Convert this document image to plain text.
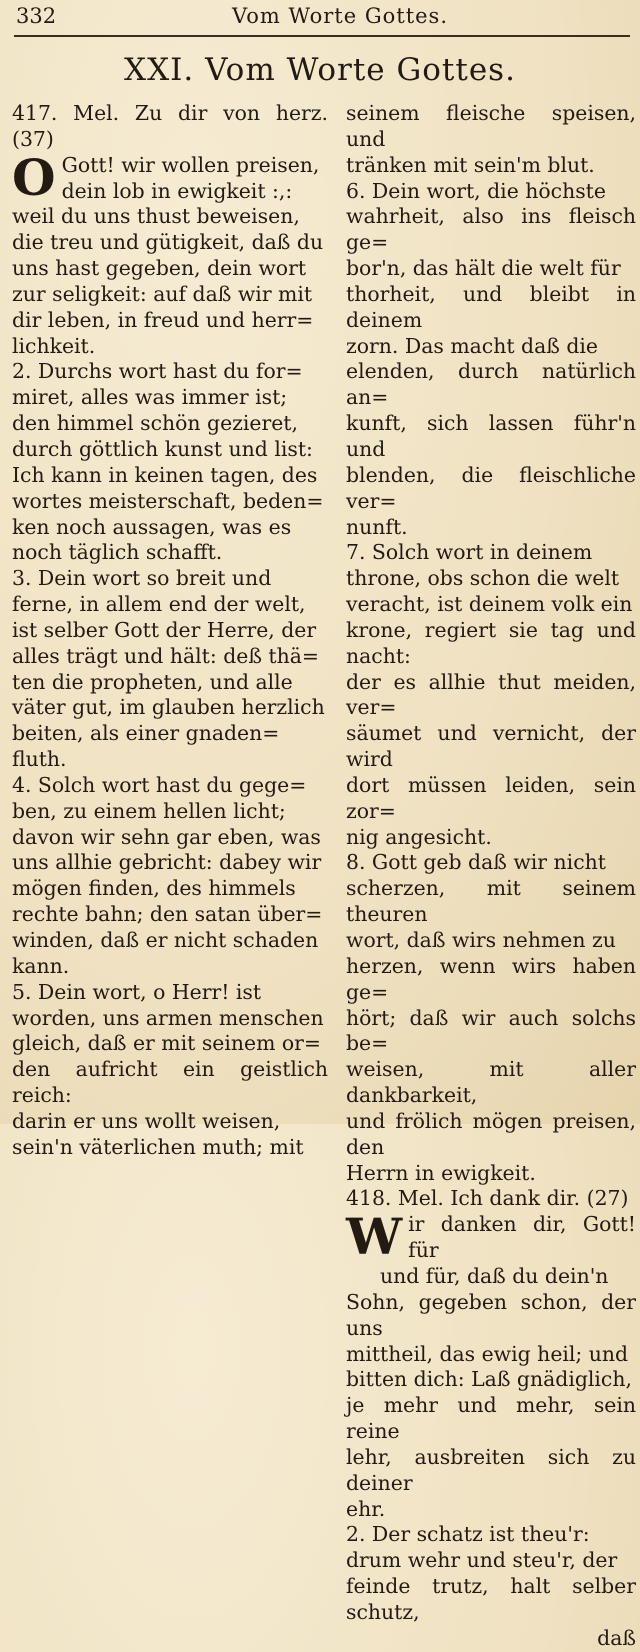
332	Vom Worte Gottes.
XXI. Vom Worte Gottes.
417. Mel. Zu dir von herz. (37)
O Gott! wir wollen preisen,
dein lob in ewigkeit :,:
weil du uns thust beweisen,
die treu und gütigkeit, daß du
uns hast gegeben, dein wort
zur seligkeit: auf daß wir mit
dir leben, in freud und herr=
lichkeit.
2. Durchs wort hast du for=
miret, alles was immer ist;
den himmel schön gezieret,
durch göttlich kunst und list:
Ich kann in keinen tagen, des
wortes meisterschaft, beden=
ken noch aussagen, was es
noch täglich schafft.
3. Dein wort so breit und
ferne, in allem end der welt,
ist selber Gott der Herre, der
alles trägt und hält: deß thä=
ten die propheten, und alle
väter gut, im glauben herzlich
beiten, als einer gnaden=
fluth.
4. Solch wort hast du gege=
ben, zu einem hellen licht;
davon wir sehn gar eben, was
uns allhie gebricht: dabey wir
mögen finden, des himmels
rechte bahn; den satan über=
winden, daß er nicht schaden
kann.
5. Dein wort, o Herr! ist
worden, uns armen menschen
gleich, daß er mit seinem or=
den aufricht ein geistlich reich:
darin er uns wollt weisen,
sein'n väterlichen muth; mit
seinem fleische speisen, und
tränken mit sein'm blut.
6. Dein wort, die höchste
wahrheit, also ins fleisch ge=
bor'n, das hält die welt für
thorheit, und bleibt in deinem
zorn. Das macht daß die
elenden, durch natürlich an=
kunft, sich lassen führ'n und
blenden, die fleischliche ver=
nunft.
7. Solch wort in deinem
throne, obs schon die welt
veracht, ist deinem volk ein
krone, regiert sie tag und nacht:
der es allhie thut meiden, ver=
säumet und vernicht, der wird
dort müssen leiden, sein zor=
nig angesicht.
8. Gott geb daß wir nicht
scherzen, mit seinem theuren
wort, daß wirs nehmen zu
herzen, wenn wirs haben ge=
hört; daß wir auch solchs be=
weisen, mit aller dankbarkeit,
und frölich mögen preisen, den
Herrn in ewigkeit.
418. Mel. Ich dank dir. (27)
W ir danken dir, Gott! für
und für, daß du dein'n
Sohn, gegeben schon, der uns
mittheil, das ewig heil; und
bitten dich: Laß gnädiglich,
je mehr und mehr, sein reine
lehr, ausbreiten sich zu deiner
ehr.
2. Der schatz ist theu'r:
drum wehr und steu'r, der
feinde trutz, halt selber schutz,
daß
